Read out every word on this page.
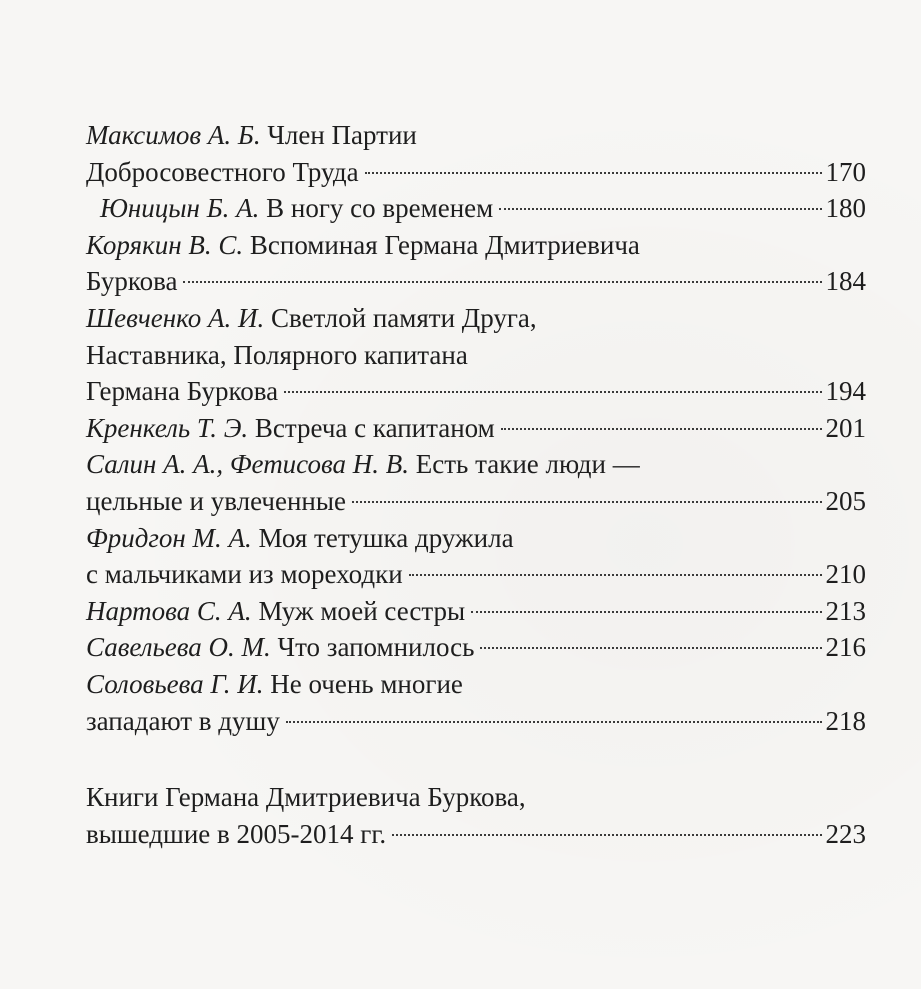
Максимов А. Б. Член Партии
Добросовестного Труда	170
Юницын Б. А.
В ногу со временем	180
Корякин В. С. Вспоминая Германа Дмитриевича
Буркова	184
Шевченко А. И. Светлой памяти Друга,
Наставника, Полярного капитана
Германа Буркова	194
Кренкель Т. Э.
Встреча с капитаном	201
Салин А. А., Фетисова Н. В. Есть такие люди —
цельные и увлеченные	205
Фридгон М. А. Моя тетушка дружила
с мальчиками из мореходки	210
Нартова С. А.
Муж моей сестры	213
Савельева О. М.
Что запомнилось	216
Соловьева Г. И. Не очень многие
западают в душу	218
Книги Германа Дмитриевича Буркова,
вышедшие в 2005-2014 гг.	223
